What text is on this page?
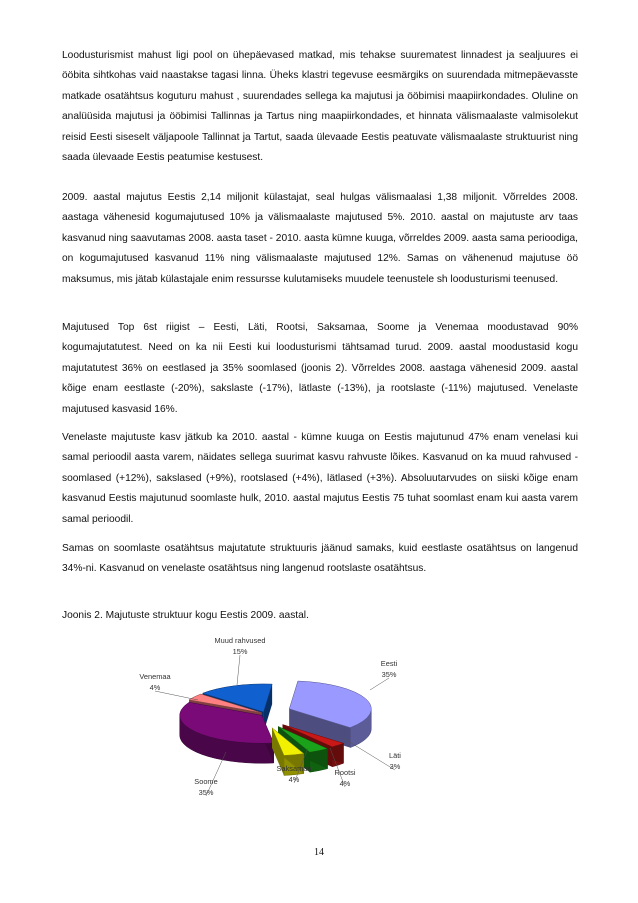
Loodusturismist mahust ligi pool on ühepäevased matkad, mis tehakse suurematest linnadest ja sealjuures ei ööbita sihtkohas vaid naastakse tagasi linna. Üheks klastri tegevuse eesmärgiks on suurendada mitmepäevasste matkade osatähtsus koguturu mahust , suurendades sellega ka majutusi ja ööbimisi maapiirkondades. Oluline on analüüsida majutusi ja ööbimisi Tallinnas ja Tartus ning maapiirkondades, et hinnata välismaalaste valmisolekut reisid Eesti siseselt väljapoole Tallinnat ja Tartut, saada ülevaade Eestis peatuvate välismaalaste struktuurist ning saada ülevaade Eestis peatumise kestusest.

2009. aastal majutus Eestis 2,14 miljonit külastajat, seal hulgas välismaalasi 1,38 miljonit. Võrreldes 2008. aastaga vähenesid kogumajutused 10% ja välismaalaste majutused 5%. 2010. aastal on majutuste arv taas kasvanud ning saavutamas 2008. aasta taset - 2010. aasta kümne kuuga, võrreldes 2009. aasta sama perioodiga, on kogumajutused kasvanud 11% ning välismaalaste majutused 12%. Samas on vähenenud majutuse öö maksumus, mis jätab külastajale enim ressursse kulutamiseks muudele teenustele sh loodusturismi teenused.

Majutused Top 6st riigist – Eesti, Läti, Rootsi, Saksamaa, Soome ja Venemaa moodustavad 90% kogumajutatutest. Need on ka nii Eesti kui loodusturismi tähtsamad turud. 2009. aastal moodustasid kogu majutatutest 36% on eestlased ja 35% soomlased (joonis 2). Võrreldes 2008. aastaga vähenesid 2009. aastal kõige enam eestlaste (-20%), sakslaste (-17%), lätlaste (-13%), ja rootslaste (-11%) majutused. Venelaste majutused kasvasid 16%.

Venelaste majutuste kasv jätkub ka 2010. aastal - kümne kuuga on Eestis majutunud 47% enam venelasi kui samal perioodil aasta varem, näidates sellega suurimat kasvu rahvuste lõikes. Kasvanud on ka muud rahvused - soomlased (+12%), sakslased (+9%), rootslased (+4%), lätlased (+3%). Absoluutarvudes on siiski kõige enam kasvanud Eestis majutunud soomlaste hulk, 2010. aastal majutus Eestis 75 tuhat soomlast enam kui aasta varem samal perioodil.

Samas on soomlaste osatähtsus majutatute struktuuris jäänud samaks, kuid eestlaste osatähtsus on langenud 34%-ni. Kasvanud on venelaste osatähtsus ning langenud rootslaste osatähtsus.

Joonis 2. Majutuste struktuur kogu Eestis 2009. aastal.

Eesti
35%
Läti
3%
Rootsi
4%
Saksamaa
4%
Soome
35%
Venemaa
4%
Muud rahvused
15%
14
